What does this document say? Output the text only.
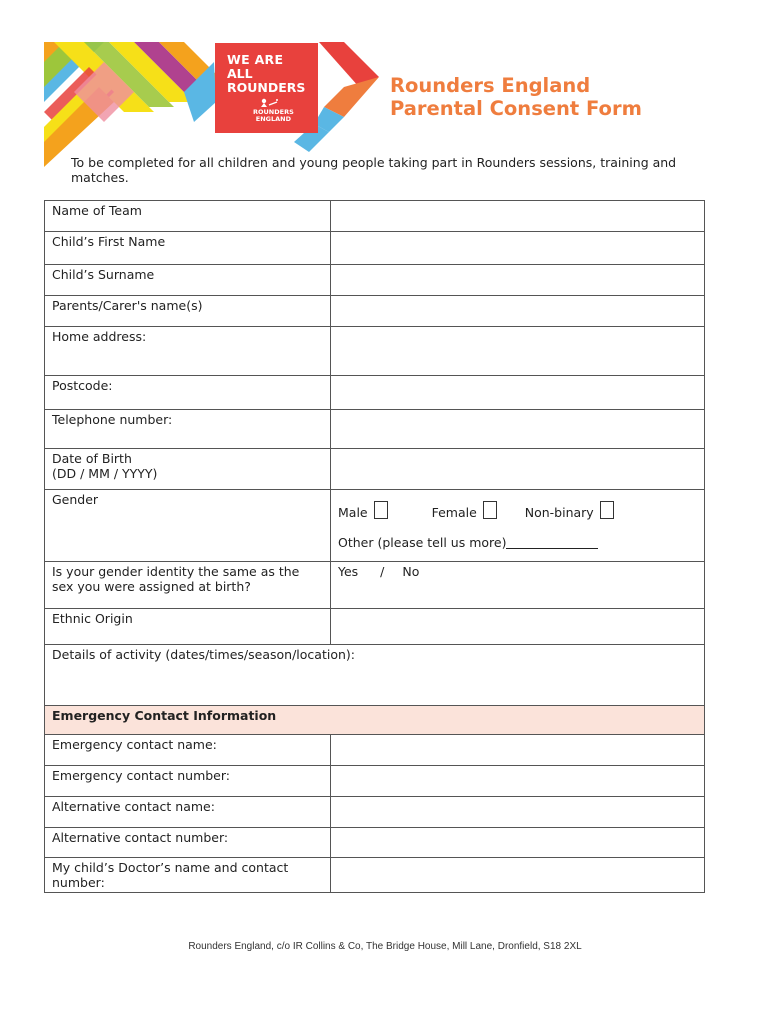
WE ARE
ALL
ROUNDERS
ROUNDERS
ENGLAND
Rounders England
Parental Consent Form
To be completed for all children and young people taking part in Rounders sessions, training and matches.
Name of Team	
Child’s First Name	
Child’s Surname	
Parents/Carer's name(s)	
Home address:	
Postcode:	
Telephone number:	

Date of Birth
(DD / MM / YYYY)	

Gender	Male Female Non-binary
Other (please tell us more)

Is your gender identity the same as the
sex you were assigned at birth?	Yes / No
Ethnic Origin	
Details of activity (dates/times/season/location):	
Emergency Contact Information	
Emergency contact name:	
Emergency contact number:	
Alternative contact name:	
Alternative contact number:	

My child’s Doctor’s name and contact
number:	

Rounders England, c/o IR Collins & Co, The Bridge House, Mill Lane, Dronfield, S18 2XL
